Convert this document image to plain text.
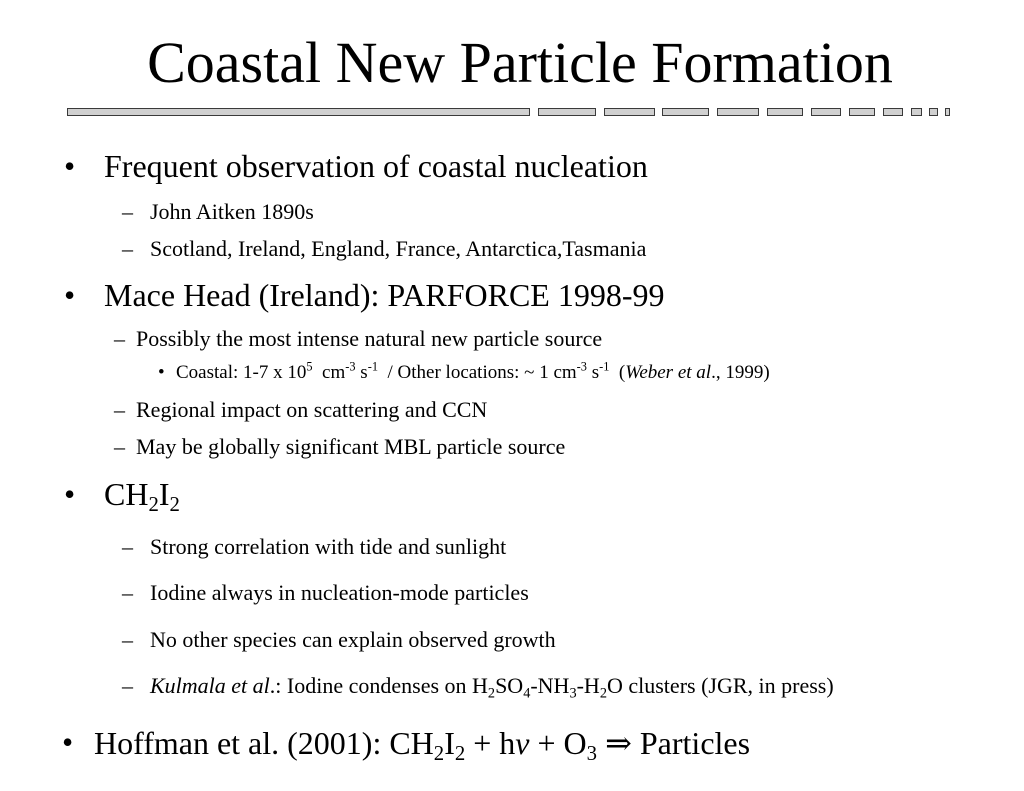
Coastal New Particle Formation
• Frequent observation of coastal nucleation
– John Aitken 1890s
– Scotland, Ireland, England, France, Antarctica,Tasmania
• Mace Head (Ireland): PARFORCE 1998-99
– Possibly the most intense natural new particle source
• Coastal: 1-7 x $10^5$  $cm^{-3}$ $s^{-1}$  / Other locations: ~ 1 $cm^{-3}$ $s^{-1}$  (Weber et al., 1999)
– Regional impact on scattering and CCN
– May be globally significant MBL particle source
• $CH_2I_2$
– Strong correlation with tide and sunlight
– Iodine always in nucleation-mode particles
– No other species can explain observed growth
– Kulmala et al.: Iodine condenses on $H_2SO_4-NH_3-H_2O$ clusters (JGR, in press)
• Hoffman et al. (2001): $CH_2I_2$ + hv + $O_3$ ⇒ Particles
